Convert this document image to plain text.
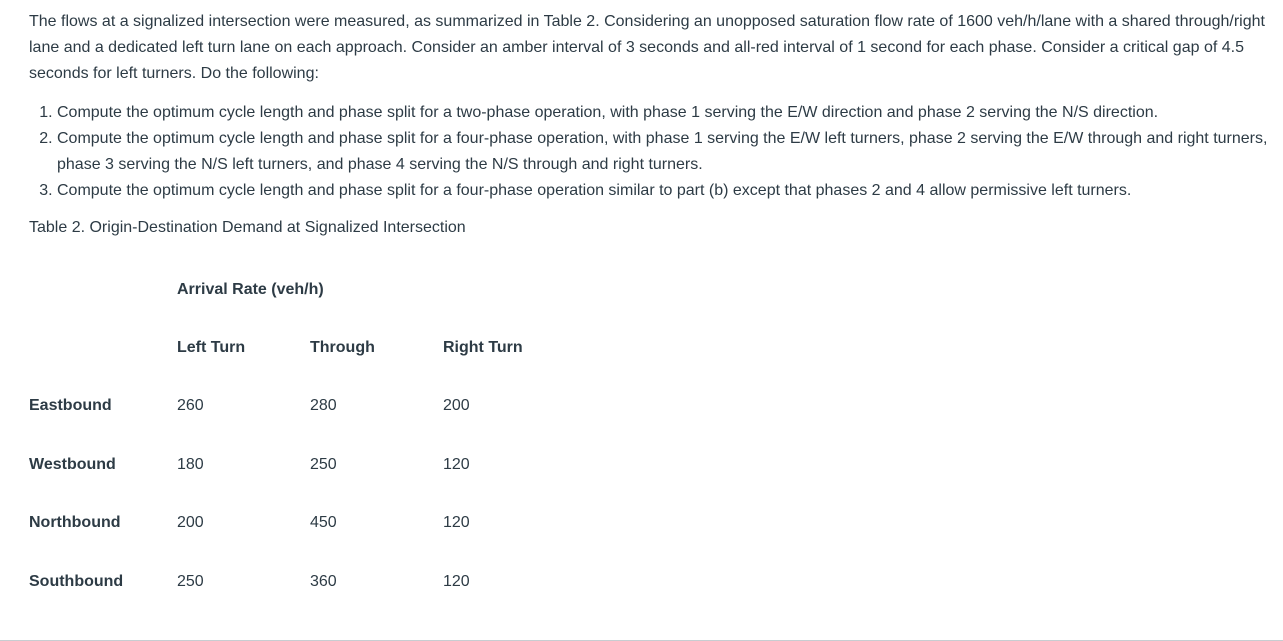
The flows at a signalized intersection were measured, as summarized in Table 2. Considering an unopposed saturation flow rate of 1600 veh/h/lane with a shared through/right lane and a dedicated left turn lane on each approach. Consider an amber interval of 3 seconds and all-red interval of 1 second for each phase. Consider a critical gap of 4.5 seconds for left turners. Do the following:

1. Compute the optimum cycle length and phase split for a two-phase operation, with phase 1 serving the E/W direction and phase 2 serving the N/S direction.
2. Compute the optimum cycle length and phase split for a four-phase operation, with phase 1 serving the E/W left turners, phase 2 serving the E/W through and right turners, phase 3 serving the N/S left turners, and phase 4 serving the N/S through and right turners.
3. Compute the optimum cycle length and phase split for a four-phase operation similar to part (b) except that phases 2 and 4 allow permissive left turners.

Table 2. Origin-Destination Demand at Signalized Intersection

	Arrival Rate (veh/h)		
	Left Turn	Through	Right Turn
Eastbound	260	280	200
Westbound	180	250	120
Northbound	200	450	120
Southbound	250	360	120
